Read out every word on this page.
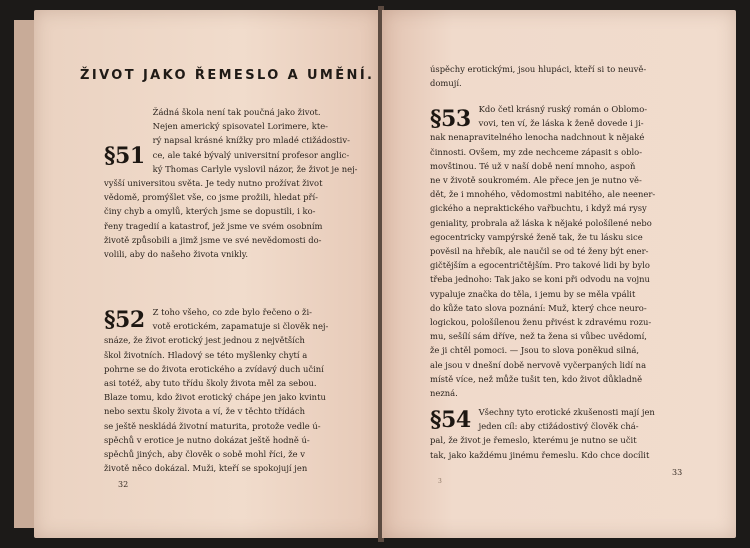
ŽIVOT JAKO ŘEMESLO A UMĚNÍ.
§51
Žádná škola není tak poučná jako život.
Nejen americký spisovatel Lorimere, kte-
rý napsal krásné knížky pro mladé ctižádostiv-
ce, ale také bývalý universitní profesor anglic-
ký Thomas Carlyle vyslovil názor, že život je nej-
vyšší universitou světa. Je tedy nutno prožívat život
vědomě, promýšlet vše, co jsme prožili, hledat pří-
činy chyb a omylů, kterých jsme se dopustili, i ko-
řeny tragedií a katastrof, jež jsme ve svém osobním
životě způsobili a jimž jsme ve své nevědomosti do-
volili, aby do našeho života vnikly.
§52 Z toho všeho, co zde bylo řečeno o ži-
votě erotickém, zapamatuje si člověk nej-
snáze, že život erotický jest jednou z největších
škol životních. Hladový se této myšlenky chytí a
pohrne se do života erotického a zvídavý duch učiní
asi totéž, aby tuto třídu školy života měl za sebou.
Blaze tomu, kdo život erotický chápe jen jako kvintu
nebo sextu školy života a ví, že v těchto třídách
se ještě neskládá životní maturita, protože vedle ú-
spěchů v erotice je nutno dokázat ještě hodně ú-
spěchů jiných, aby člověk o sobě mohl říci, že v
životě něco dokázal. Muži, kteří se spokojují jen
32
úspěchy erotickými, jsou hlupáci, kteří si to neuvě-
domují.
§53 Kdo četl krásný ruský román o Oblomo-
vovi, ten ví, že láska k ženě dovede i ji-
nak nenapravitelného lenocha nadchnout k nějaké
činnosti. Ovšem, my zde nechceme zápasit s oblo-
movštinou. Té už v naší době není mnoho, aspoň
ne v životě soukromém. Ale přece jen je nutno vě-
dět, že i mnohého, vědomostmi nabitého, ale neener-
gického a nepraktického vařbuchtu, i když má rysy
geniality, probrala až láska k nějaké pološílené nebo
egocentricky vampýrské ženě tak, že tu lásku sice
pověsil na hřebík, ale naučil se od té ženy být ener-
gičtějším a egocentričtějším. Pro takové lidi by bylo
třeba jednoho: Tak jako se koni při odvodu na vojnu
vypaluje značka do těla, i jemu by se měla vpálit
do kůže tato slova poznání: Muž, který chce neuro-
logickou, pološílenou ženu přivést k zdravému rozu-
mu, sešílí sám dříve, než ta žena si vůbec uvědomí,
že ji chtěl pomoci. — Jsou to slova poněkud silná,
ale jsou v dnešní době nervově vyčerpaných lidí na
místě více, než může tušit ten, kdo život důkladně
nezná.
§54 Všechny tyto erotické zkušenosti mají jen
jeden cíl: aby ctižádostivý člověk chá-
pal, že život je řemeslo, kterému je nutno se učit
tak, jako každému jinému řemeslu. Kdo chce docílit
3
33
